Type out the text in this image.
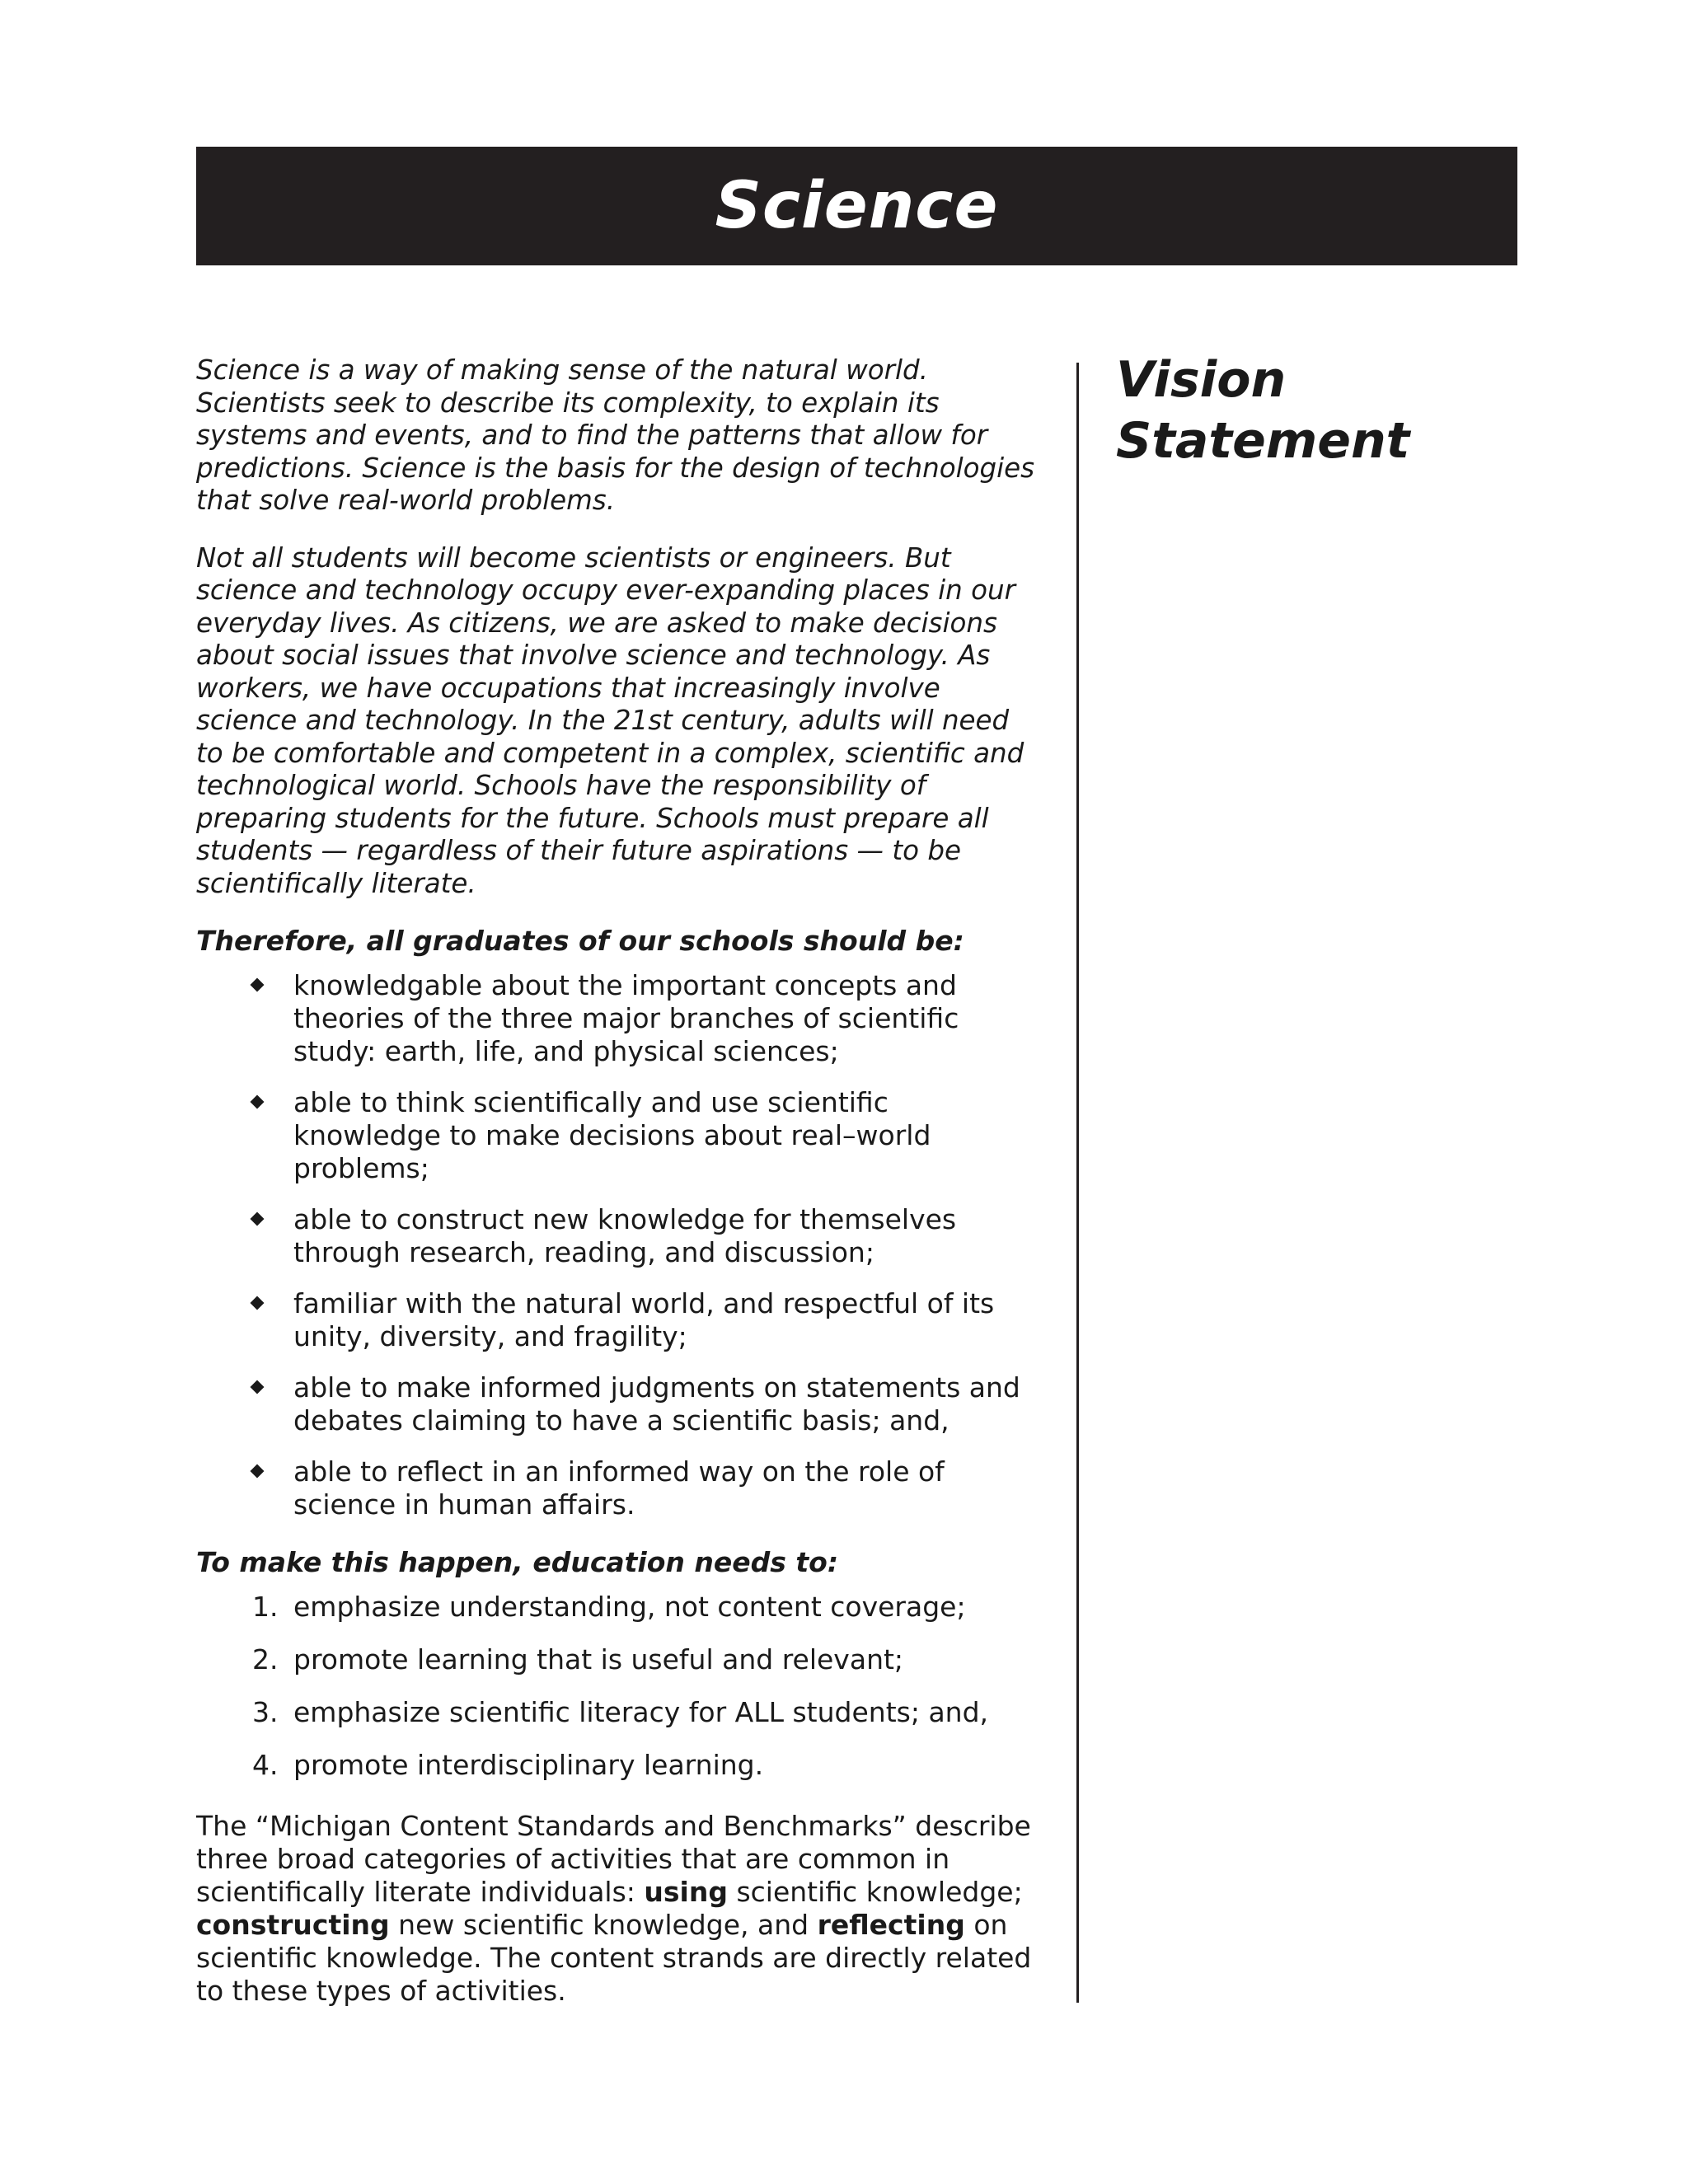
Science

Science is a way of making sense of the natural world. Scientists seek to describe its complexity, to explain its systems and events, and to find the patterns that allow for predictions. Science is the basis for the design of technologies that solve real-world problems.

Not all students will become scientists or engineers. But science and technology occupy ever-expanding places in our everyday lives. As citizens, we are asked to make decisions about social issues that involve science and technology. As workers, we have occupations that increasingly involve science and technology. In the 21st century, adults will need to be comfortable and competent in a complex, scientific and technological world. Schools have the responsibility of preparing students for the future. Schools must prepare all students — regardless of their future aspirations — to be scientifically literate.

Therefore, all graduates of our schools should be:

knowledgable about the important concepts and theories of the three major branches of scientific study: earth, life, and physical sciences;
able to think scientifically and use scientific knowledge to make decisions about real–world problems;
able to construct new knowledge for themselves through research, reading, and discussion;
familiar with the natural world, and respectful of its unity, diversity, and fragility;
able to make informed judgments on statements and debates claiming to have a scientific basis; and,
able to reflect in an informed way on the role of science in human affairs.

To make this happen, education needs to:

1. emphasize understanding, not content coverage;
2. promote learning that is useful and relevant;
3. emphasize scientific literacy for ALL students; and,
4. promote interdisciplinary learning.

The “Michigan Content Standards and Benchmarks” describe three broad categories of activities that are common in scientifically literate individuals: using scientific knowledge; constructing new scientific knowledge, and reflecting on scientific knowledge. The content strands are directly related to these types of activities.

Vision
Statement
